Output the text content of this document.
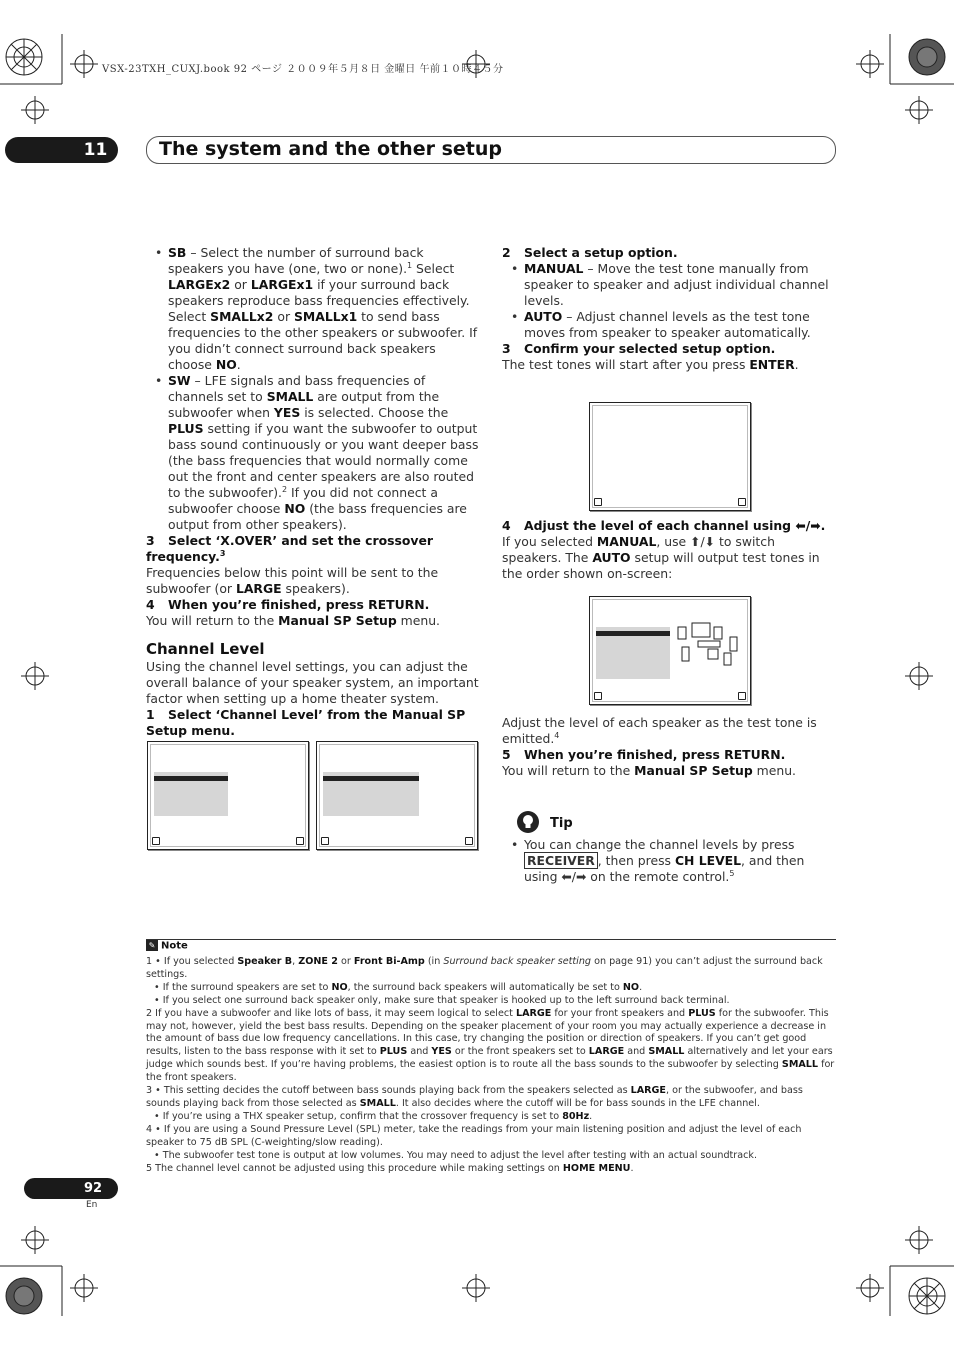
VSX-23TXH_CUXJ.book 92 ページ ２００９年５月８日 金曜日 午前１０時４５分
11	The system and the other setup

• SB – Select the number of surround back speakers you have (one, two or none).$^1$ Select LARGEx2 or LARGEx1 if your surround back speakers reproduce bass frequencies effectively. Select SMALLx2 or SMALLx1 to send bass frequencies to the other speakers or subwoofer. If you didn’t connect surround back speakers choose NO.

• SW – LFE signals and bass frequencies of channels set to SMALL are output from the subwoofer when YES is selected. Choose the PLUS setting if you want the subwoofer to output bass sound continuously or you want deeper bass (the bass frequencies that would normally come out the front and center speakers are also routed to the subwoofer).$^2$ If you did not connect a subwoofer choose NO (the bass frequencies are output from other speakers).

3 Select ‘X.OVER’ and set the crossover frequency.$^3$

Frequencies below this point will be sent to the subwoofer (or LARGE speakers).

4 When you’re finished, press RETURN.

You will return to the Manual SP Setup menu.

Channel Level

Using the channel level settings, you can adjust the overall balance of your speaker system, an important factor when setting up a home theater system.

1 Select ‘Channel Level’ from the Manual SP Setup menu.

2 Select a setup option.

• MANUAL – Move the test tone manually from speaker to speaker and adjust individual channel levels.

• AUTO – Adjust channel levels as the test tone moves from speaker to speaker automatically.

3 Confirm your selected setup option.

The test tones will start after you press ENTER.

4 Adjust the level of each channel using ⬅/➡.

If you selected MANUAL, use ⬆/⬇ to switch speakers. The AUTO setup will output test tones in the order shown on-screen:

Adjust the level of each speaker as the test tone is emitted.$^4$

5 When you’re finished, press RETURN.

You will return to the Manual SP Setup menu.

Tip

• You can change the channel levels by press RECEIVER , then press CH LEVEL, and then using ⬅/➡ on the remote control.$^5$

✎ Note

1 • If you selected Speaker B, ZONE 2 or Front Bi-Amp (in Surround back speaker setting on page 91) you can’t adjust the surround back settings.

• If the surround speakers are set to NO, the surround back speakers will automatically be set to NO.

• If you select one surround back speaker only, make sure that speaker is hooked up to the left surround back terminal.

2 If you have a subwoofer and like lots of bass, it may seem logical to select LARGE for your front speakers and PLUS for the subwoofer. This may not, however, yield the best bass results. Depending on the speaker placement of your room you may actually experience a decrease in the amount of bass due low frequency cancellations. In this case, try changing the position or direction of speakers. If you can’t get good results, listen to the bass response with it set to PLUS and YES or the front speakers set to LARGE and SMALL alternatively and let your ears judge which sounds best. If you’re having problems, the easiest option is to route all the bass sounds to the subwoofer by selecting SMALL for the front speakers.

3 • This setting decides the cutoff between bass sounds playing back from the speakers selected as LARGE, or the subwoofer, and bass sounds playing back from those selected as SMALL. It also decides where the cutoff will be for bass sounds in the LFE channel.

• If you’re using a THX speaker setup, confirm that the crossover frequency is set to 80Hz.

4 • If you are using a Sound Pressure Level (SPL) meter, take the readings from your main listening position and adjust the level of each speaker to 75 dB SPL (C-weighting/slow reading).

• The subwoofer test tone is output at low volumes. You may need to adjust the level after testing with an actual soundtrack.

5 The channel level cannot be adjusted using this procedure while making settings on HOME MENU.

92
En
